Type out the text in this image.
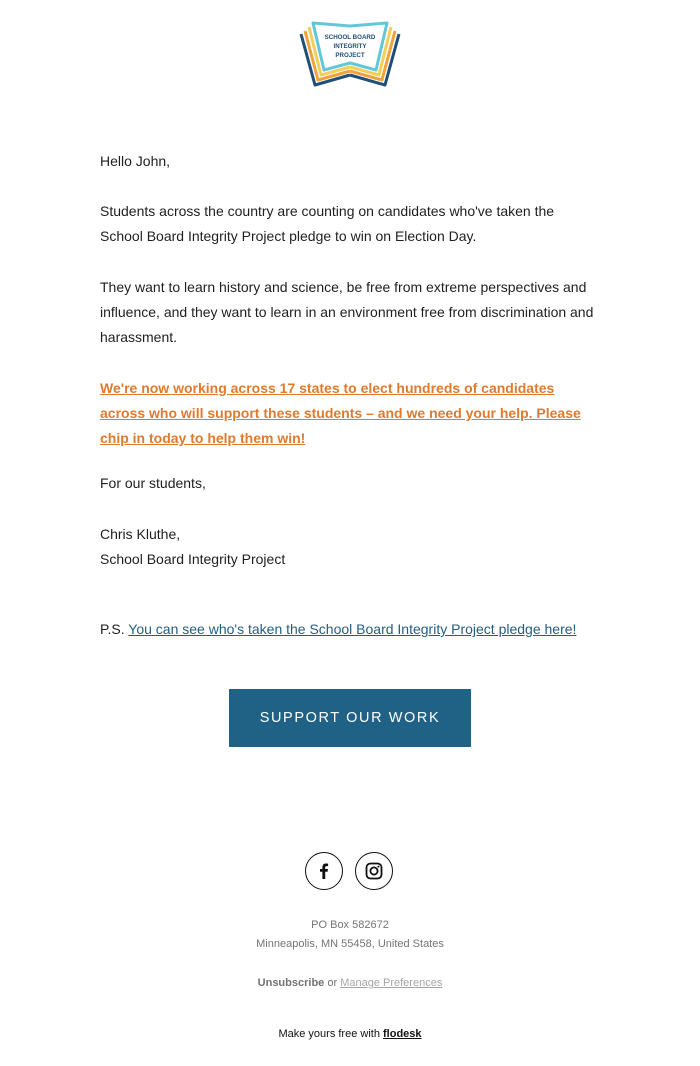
SCHOOL BOARD
INTEGRITY
PROJECT
Hello John,
Students across the country are counting on candidates who've taken the School Board Integrity Project pledge to win on Election Day.
They want to learn history and science, be free from extreme perspectives and influence, and they want to learn in an environment free from discrimination and harassment.
We're now working across 17 states to elect hundreds of candidates across who will support these students – and we need your help. Please chip in today to help them win!
For our students,
Chris Kluthe,
School Board Integrity Project
P.S. You can see who's taken the School Board Integrity Project pledge here!
SUPPORT OUR WORK
PO Box 582672
Minneapolis, MN 55458, United States
Unsubscribe or Manage Preferences
Make yours free with flodesk
